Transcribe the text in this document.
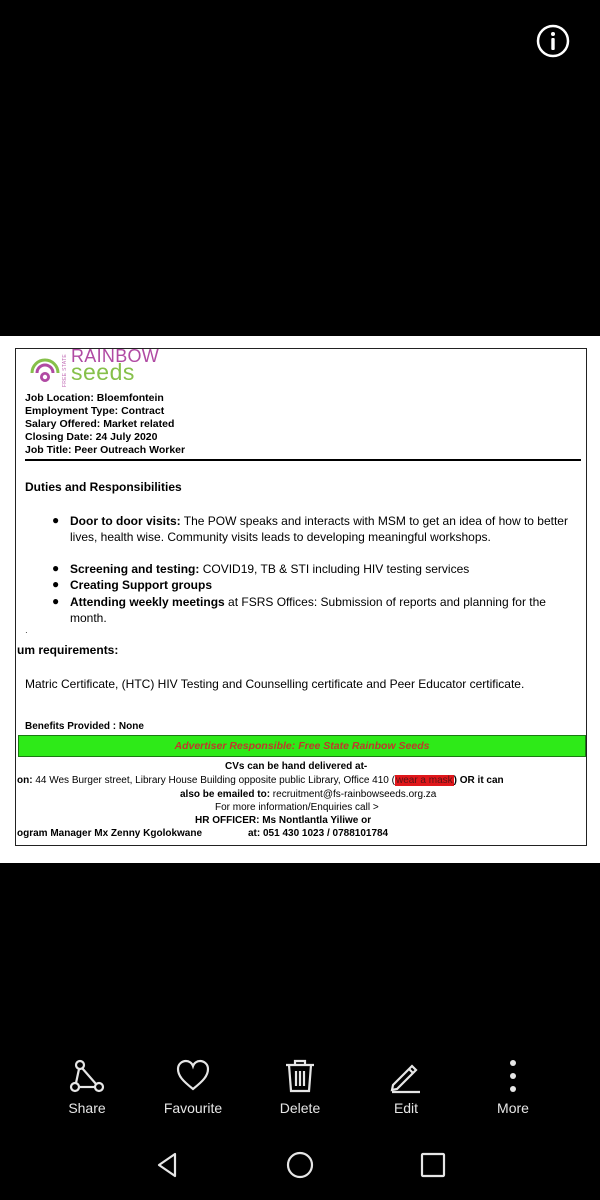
FREE STATE RAINBOW
seeds
Job Location: Bloemfontein
Employment Type: Contract
Salary Offered: Market related
Closing Date: 24 July 2020
Job Title: Peer Outreach Worker
Duties and Responsibilities
● Door to door visits: The POW speaks and interacts with MSM to get an idea of how to better lives, health wise. Community visits leads to developing meaningful workshops.
● Screening and testing: COVID19, TB & STI including HIV testing services
● Creating Support groups
● Attending weekly meetings at FSRS Offices: Submission of reports and planning for the month.
·
um requirements:
Matric Certificate, (HTC) HIV Testing and Counselling certificate and Peer Educator certificate.
Benefits Provided : None
Advertiser Responsible:
Free State Rainbow Seeds
CVs can be hand delivered at-
on: 44 Wes Burger street, Library House Building opposite public Library, Office 410 (wear a mask) OR it can
also be emailed to: recruitment@fs-rainbowseeds.org.za
For more information/Enquiries call >
HR OFFICER: Ms Nontlantla Yiliwe or
ogram Manager Mx Zenny Kgolokwane	at: 051 430 1023 / 0788101784
Share	Favourite	Delete	Edit	More
